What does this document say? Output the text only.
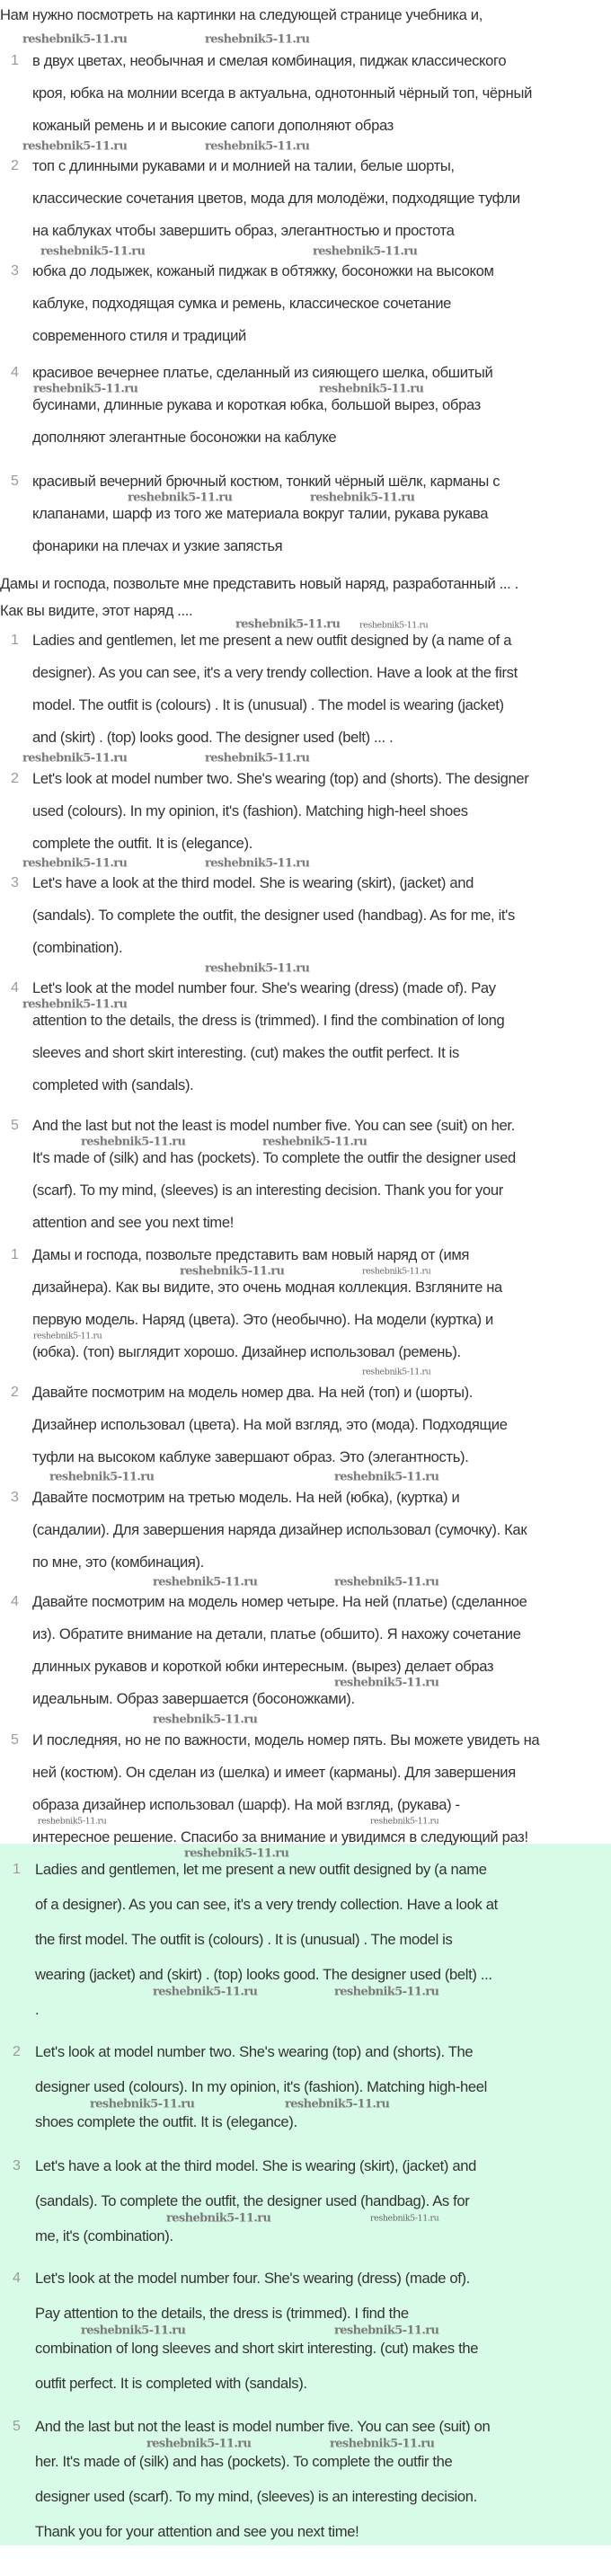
Нам нужно посмотреть на картинки на следующей странице учебника и,
1 в двух цветах, необычная и смелая комбинация, пиджак классического
кроя, юбка на молнии всегда в актуальна, однотонный чёрный топ, чёрный
кожаный ремень и и высокие сапоги дополняют образ
2 топ с длинными рукавами и и молнией на талии, белые шорты,
классические сочетания цветов, мода для молодёжи, подходящие туфли
на каблуках чтобы завершить образ, элегантностью и простота
3 юбка до лодыжек, кожаный пиджак в обтяжку, босоножки на высоком
каблуке, подходящая сумка и ремень, классическое сочетание
современного стиля и традиций
4 красивое вечернее платье, сделанный из сияющего шелка, обшитый
бусинами, длинные рукава и короткая юбка, большой вырез, образ
дополняют элегантные босоножки на каблуке
5 красивый вечерний брючный костюм, тонкий чёрный шёлк, карманы с
клапанами, шарф из того же материала вокруг талии, рукава рукава
фонарики на плечах и узкие запястья
1 Ladies and gentlemen, let me present a new outfit designed by (a name of a
designer). As you can see, it's a very trendy collection. Have a look at the first
model. The outfit is (colours) . It is (unusual) . The model is wearing (jacket)
and (skirt) . (top) looks good. The designer used (belt) ... .
2 Let's look at model number two. She's wearing (top) and (shorts). The designer
used (colours). In my opinion, it's (fashion). Matching high-heel shoes
complete the outfit. It is (elegance).
3 Let's have a look at the third model. She is wearing (skirt), (jacket) and
(sandals). To complete the outfit, the designer used (handbag). As for me, it's
(combination).
4 Let's look at the model number four. She's wearing (dress) (made of). Pay
attention to the details, the dress is (trimmed). I find the combination of long
sleeves and short skirt interesting. (cut) makes the outfit perfect. It is
completed with (sandals).
5 And the last but not the least is model number five. You can see (suit) on her.
It's made of (silk) and has (pockets). To complete the outfir the designer used
(scarf). To my mind, (sleeves) is an interesting decision. Thank you for your
attention and see you next time!
1 Дамы и господа, позвольте представить вам новый наряд от (имя
дизайнера). Как вы видите, это очень модная коллекция. Взгляните на
первую модель. Наряд (цвета). Это (необычно). На модели (куртка) и
(юбка). (топ) выглядит хорошо. Дизайнер использовал (ремень).
2 Давайте посмотрим на модель номер два. На ней (топ) и (шорты).
Дизайнер использовал (цвета). На мой взгляд, это (мода). Подходящие
туфли на высоком каблуке завершают образ. Это (элегантность).
3 Давайте посмотрим на третью модель. На ней (юбка), (куртка) и
(сандалии). Для завершения наряда дизайнер использовал (сумочку). Как
по мне, это (комбинация).
4 Давайте посмотрим на модель номер четыре. На ней (платье) (сделанное
из). Обратите внимание на детали, платье (обшито). Я нахожу сочетание
длинных рукавов и короткой юбки интересным. (вырез) делает образ
идеальным. Образ завершается (босоножками).
5 И последняя, но не по важности, модель номер пять. Вы можете увидеть на
ней (костюм). Он сделан из (шелка) и имеет (карманы). Для завершения
образа дизайнер использовал (шарф). На мой взгляд, (рукава) -
интересное решение. Спасибо за внимание и увидимся в следующий раз!
1 Ladies and gentlemen, let me present a new outfit designed by (a name
of a designer). As you can see, it's a very trendy collection. Have a look at
the first model. The outfit is (colours) . It is (unusual) . The model is
wearing (jacket) and (skirt) . (top) looks good. The designer used (belt) ...
.
2 Let's look at model number two. She's wearing (top) and (shorts). The
designer used (colours). In my opinion, it's (fashion). Matching high-heel
shoes complete the outfit. It is (elegance).
3 Let's have a look at the third model. She is wearing (skirt), (jacket) and
(sandals). To complete the outfit, the designer used (handbag). As for
me, it's (combination).
4 Let's look at the model number four. She's wearing (dress) (made of).
Pay attention to the details, the dress is (trimmed). I find the
combination of long sleeves and short skirt interesting. (cut) makes the
outfit perfect. It is completed with (sandals).
5 And the last but not the least is model number five. You can see (suit) on
her. It's made of (silk) and has (pockets). To complete the outfir the
designer used (scarf). To my mind, (sleeves) is an interesting decision.
Thank you for your attention and see you next time!
Дамы и господа, позвольте мне представить новый наряд, разработанный ... .
Как вы видите, этот наряд ....
reshebnik5-11.ru	reshebnik5-11.ru
reshebnik5-11.ru	reshebnik5-11.ru
reshebnik5-11.ru	reshebnik5-11.ru
reshebnik5-11.ru	reshebnik5-11.ru
reshebnik5-11.ru	reshebnik5-11.ru
reshebnik5-11.ru reshebnik5-11.ru
reshebnik5-11.ru	reshebnik5-11.ru
reshebnik5-11.ru	reshebnik5-11.ru
reshebnik5-11.ru
reshebnik5-11.ru
reshebnik5-11.ru	reshebnik5-11.ru
reshebnik5-11.ru	reshebnik5-11.ru
reshebnik5-11.ru
reshebnik5-11.ru
reshebnik5-11.ru	reshebnik5-11.ru
reshebnik5-11.ru	reshebnik5-11.ru
reshebnik5-11.ru
reshebnik5-11.ru
reshebnik5-11.ru	reshebnik5-11.ru
reshebnik5-11.ru
reshebnik5-11.ru	reshebnik5-11.ru
reshebnik5-11.ru	reshebnik5-11.ru
reshebnik5-11.ru	reshebnik5-11.ru
reshebnik5-11.ru	reshebnik5-11.ru
reshebnik5-11.ru	reshebnik5-11.ru
